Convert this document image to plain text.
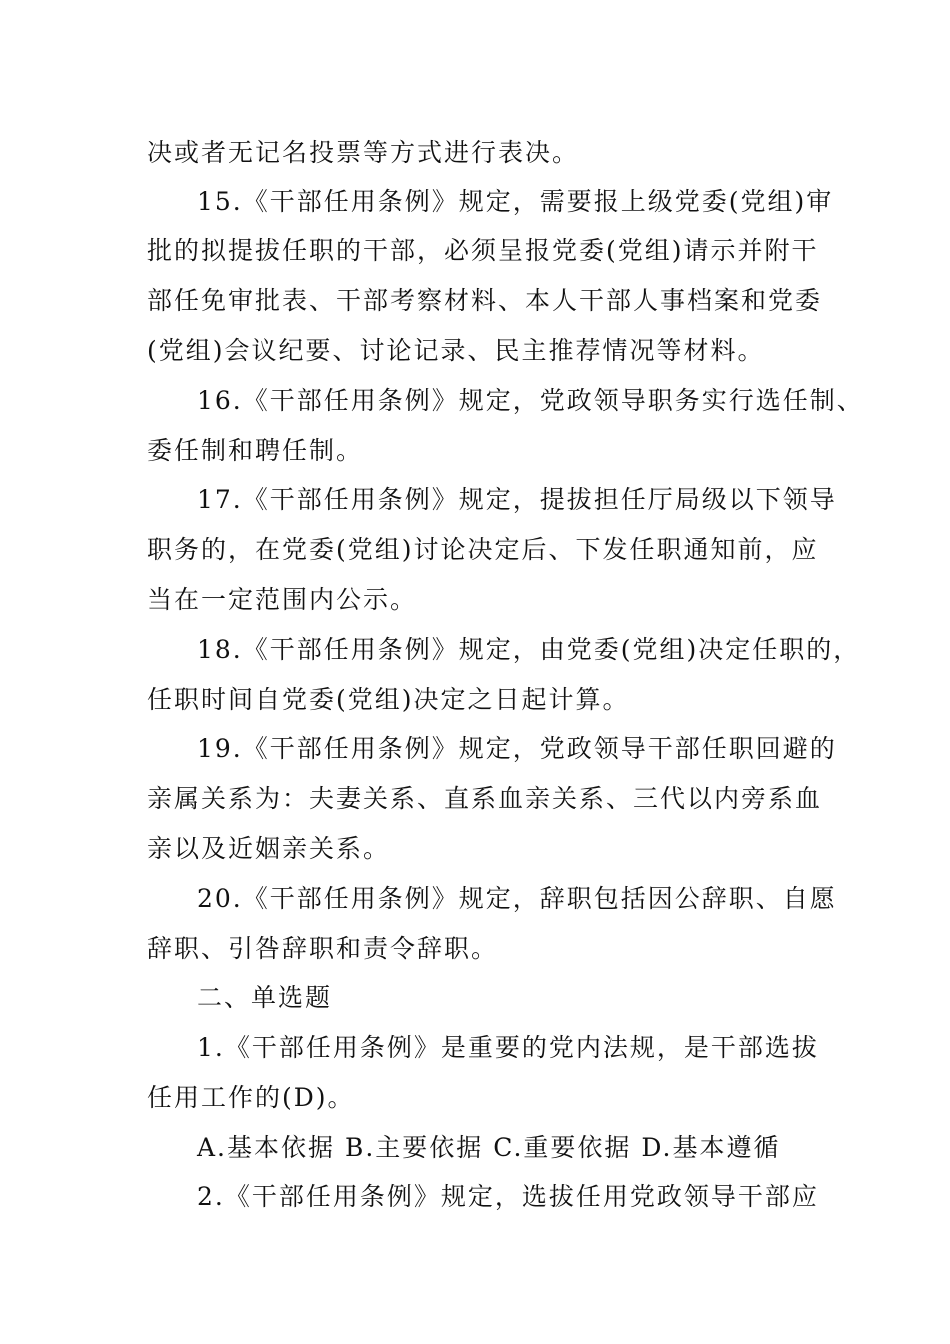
决或者无记名投票等方式进行表决。
15.《干部任用条例》规定，需要报上级党委(党组)审
批的拟提拔任职的干部，必须呈报党委(党组)请示并附干
部任免审批表、干部考察材料、本人干部人事档案和党委
(党组)会议纪要、讨论记录、民主推荐情况等材料。
16.《干部任用条例》规定，党政领导职务实行选任制、
委任制和聘任制。
17.《干部任用条例》规定，提拔担任厅局级以下领导
职务的，在党委(党组)讨论决定后、下发任职通知前，应
当在一定范围内公示。
18.《干部任用条例》规定，由党委(党组)决定任职的，
任职时间自党委(党组)决定之日起计算。
19.《干部任用条例》规定，党政领导干部任职回避的
亲属关系为：夫妻关系、直系血亲关系、三代以内旁系血
亲以及近姻亲关系。
20.《干部任用条例》规定，辞职包括因公辞职、自愿
辞职、引咎辞职和责令辞职。
二、单选题
1.《干部任用条例》是重要的党内法规，是干部选拔
任用工作的(D)。
A.基本依据 B.主要依据 C.重要依据 D.基本遵循
2.《干部任用条例》规定，选拔任用党政领导干部应
